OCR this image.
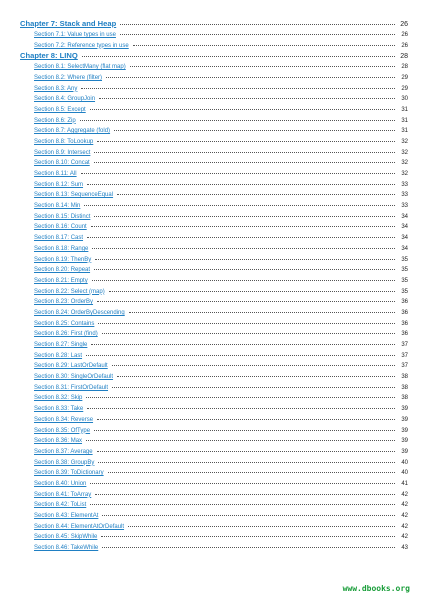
Chapter 7: Stack and Heap	26
Section 7.1: Value types in use	26
Section 7.2: Reference types in use	26
Chapter 8: LINQ	28
Section 8.1: SelectMany (flat map)	28
Section 8.2: Where (filter)	29
Section 8.3: Any	29
Section 8.4: GroupJoin	30
Section 8.5: Except	31
Section 8.6: Zip	31
Section 8.7: Aggregate (fold)	31
Section 8.8: ToLookup	32
Section 8.9: Intersect	32
Section 8.10: Concat	32
Section 8.11: All	32
Section 8.12: Sum	33
Section 8.13: SequenceEqual	33
Section 8.14: Min	33
Section 8.15: Distinct	34
Section 8.16: Count	34
Section 8.17: Cast	34
Section 8.18: Range	34
Section 8.19: ThenBy	35
Section 8.20: Repeat	35
Section 8.21: Empty	35
Section 8.22: Select (map)	35
Section 8.23: OrderBy	36
Section 8.24: OrderByDescending	36
Section 8.25: Contains	36
Section 8.26: First (find)	36
Section 8.27: Single	37
Section 8.28: Last	37
Section 8.29: LastOrDefault	37
Section 8.30: SingleOrDefault	38
Section 8.31: FirstOrDefault	38
Section 8.32: Skip	38
Section 8.33: Take	39
Section 8.34: Reverse	39
Section 8.35: OfType	39
Section 8.36: Max	39
Section 8.37: Average	39
Section 8.38: GroupBy	40
Section 8.39: ToDictionary	40
Section 8.40: Union	41
Section 8.41: ToArray	42
Section 8.42: ToList	42
Section 8.43: ElementAt	42
Section 8.44: ElementAtOrDefault	42
Section 8.45: SkipWhile	42
Section 8.46: TakeWhile	43
www.dbooks.org
